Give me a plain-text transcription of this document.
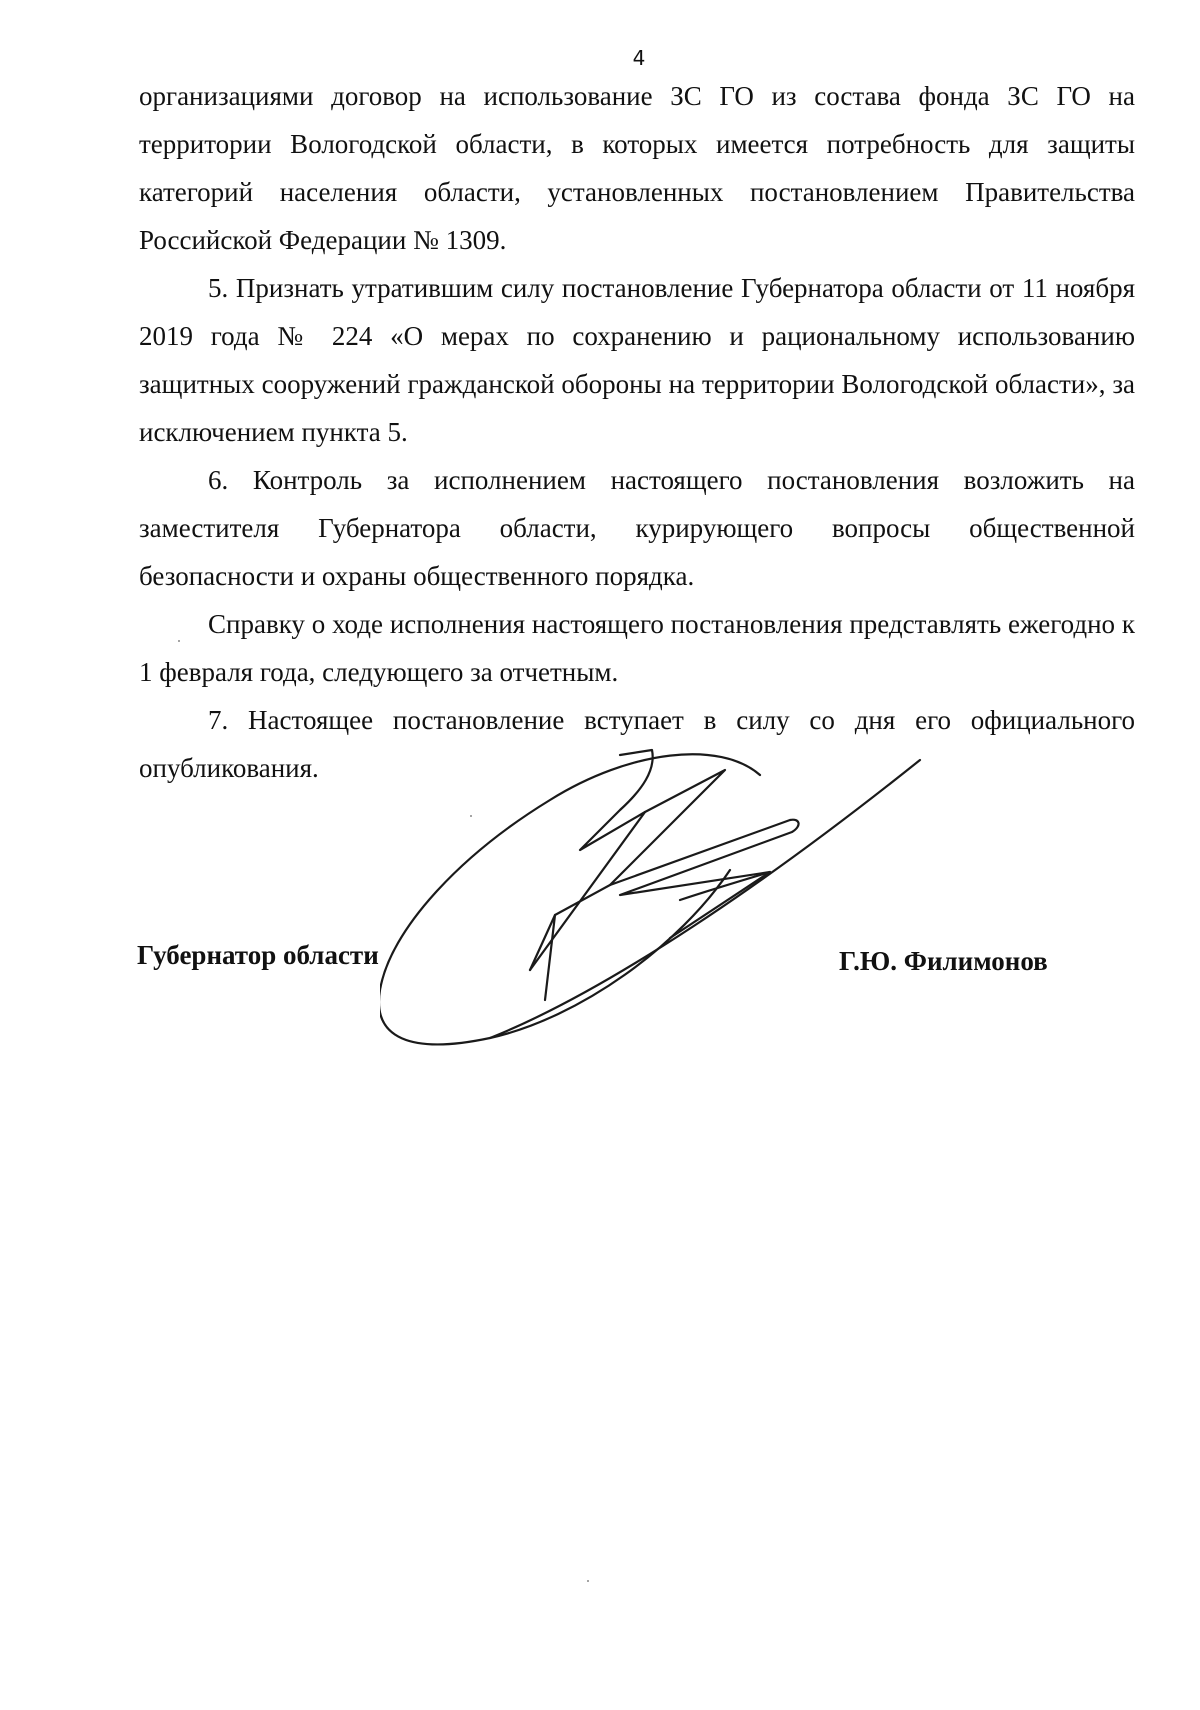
4

организациями договор на использование ЗС ГО из состава фонда ЗС ГО на территории Вологодской области, в которых имеется потребность для защиты категорий населения области, установленных постановлением Правительства Российской Федерации № 1309.

5. Признать утратившим силу постановление Губернатора области от 11 ноября 2019 года № 224 «О мерах по сохранению и рациональному использованию защитных сооружений гражданской обороны на территории Вологодской области», за исключением пункта 5.

6. Контроль за исполнением настоящего постановления возложить на заместителя Губернатора области, курирующего вопросы общественной безопасности и охраны общественного порядка.

Справку о ходе исполнения настоящего постановления представлять ежегодно к 1 февраля года, следующего за отчетным.

7. Настоящее постановление вступает в силу со дня его официального опубликования.

Губернатор области	Г.Ю. Филимонов
